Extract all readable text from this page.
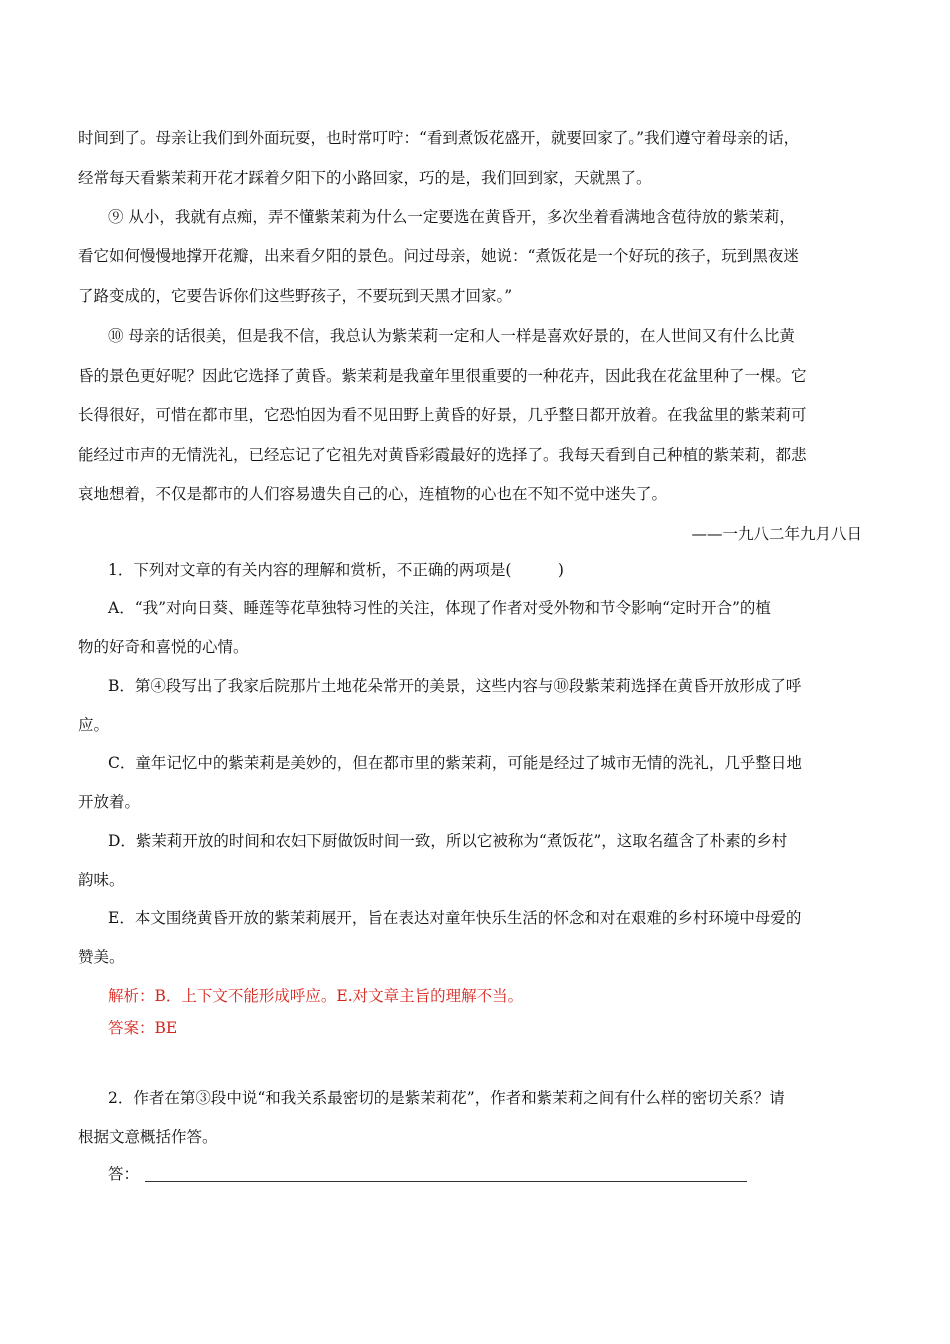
时间到了。母亲让我们到外面玩耍，也时常叮咛：“看到煮饭花盛开，就要回家了。”我们遵守着母亲的话，
经常每天看紫茉莉开花才踩着夕阳下的小路回家，巧的是，我们回到家，天就黑了。
⑨ 从小，我就有点痴，弄不懂紫茉莉为什么一定要选在黄昏开，多次坐着看满地含苞待放的紫茉莉，
看它如何慢慢地撑开花瓣，出来看夕阳的景色。问过母亲，她说：“煮饭花是一个好玩的孩子，玩到黑夜迷
了路变成的，它要告诉你们这些野孩子，不要玩到天黑才回家。”
⑩ 母亲的话很美，但是我不信，我总认为紫茉莉一定和人一样是喜欢好景的，在人世间又有什么比黄
昏的景色更好呢？因此它选择了黄昏。紫茉莉是我童年里很重要的一种花卉，因此我在花盆里种了一棵。它
长得很好，可惜在都市里，它恐怕因为看不见田野上黄昏的好景，几乎整日都开放着。在我盆里的紫茉莉可
能经过市声的无情洗礼，已经忘记了它祖先对黄昏彩霞最好的选择了。我每天看到自己种植的紫茉莉，都悲
哀地想着，不仅是都市的人们容易遗失自己的心，连植物的心也在不知不觉中迷失了。
——一九八二年九月八日
1．下列对文章的有关内容的理解和赏析，不正确的两项是(　　　)
A．“我”对向日葵、睡莲等花草独特习性的关注，体现了作者对受外物和节令影响“定时开合”的植
物的好奇和喜悦的心情。
B．第④段写出了我家后院那片土地花朵常开的美景，这些内容与⑩段紫茉莉选择在黄昏开放形成了呼
应。
C．童年记忆中的紫茉莉是美妙的，但在都市里的紫茉莉，可能是经过了城市无情的洗礼，几乎整日地
开放着。
D．紫茉莉开放的时间和农妇下厨做饭时间一致，所以它被称为“煮饭花”，这取名蕴含了朴素的乡村
韵味。
E．本文围绕黄昏开放的紫茉莉展开，旨在表达对童年快乐生活的怀念和对在艰难的乡村环境中母爱的
赞美。
解析：B．上下文不能形成呼应。E.对文章主旨的理解不当。
答案：BE
2．作者在第③段中说“和我关系最密切的是紫茉莉花”，作者和紫茉莉之间有什么样的密切关系？请
根据文意概括作答。
答：
